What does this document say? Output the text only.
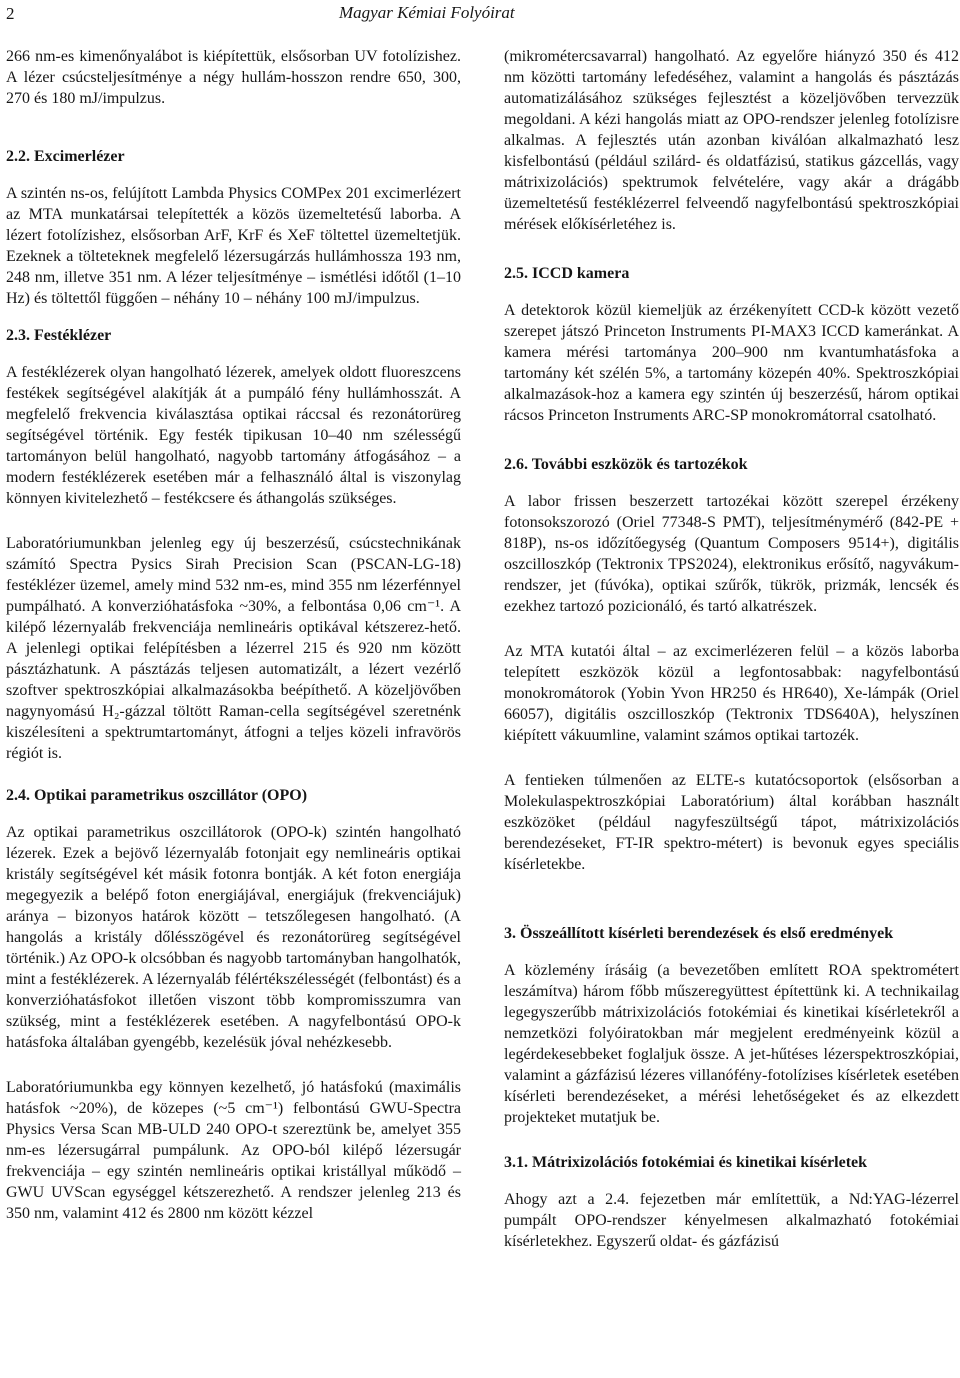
2	Magyar Kémiai Folyóirat

266 nm-es kimenőnyalábot is kiépítettük, elsősorban UV fotolízishez. A lézer csúcsteljesítménye a négy hullám-hosszon rendre 650, 300, 270 és 180 mJ/impulzus.

2.2. Excimerlézer

A szintén ns-os, felújított Lambda Physics COMPex 201 excimerlézert az MTA munkatársai telepítették a közös üzemeltetésű laborba. A lézert fotolízishez, elsősorban ArF, KrF és XeF töltettel üzemeltetjük. Ezeknek a tölteteknek megfelelő lézersugárzás hullámhossza 193 nm, 248 nm, illetve 351 nm. A lézer teljesítménye – ismétlési időtől (1–10 Hz) és töltettől függően – néhány 10 – néhány 100 mJ/impulzus.

2.3. Festéklézer

A festéklézerek olyan hangolható lézerek, amelyek oldott fluoreszcens festékek segítségével alakítják át a pumpáló fény hullámhosszát. A megfelelő frekvencia kiválasztása optikai ráccsal és rezonátorüreg segítségével történik. Egy festék tipikusan 10–40 nm szélességű tartományon belül hangolható, nagyobb tartomány átfogásához – a modern festéklézerek esetében már a felhasználó által is viszonylag könnyen kivitelezhető – festékcsere és áthangolás szükséges.

Laboratóriumunkban jelenleg egy új beszerzésű, csúcstechnikának számító Spectra Pysics Sirah Precision Scan (PSCAN-LG-18) festéklézer üzemel, amely mind 532 nm-es, mind 355 nm lézerfénnyel pumpálható. A konverzióhatásfoka ~30%, a felbontása 0,06 cm⁻¹. A kilépő lézernyaláb frekvenciája nemlineáris optikával kétszerez-hető. A jelenlegi optikai felépítésben a lézerrel 215 és 920 nm között pásztázhatunk. A pásztázás teljesen automatizált, a lézert vezérlő szoftver spektroszkópiai alkalmazásokba beépíthető. A közeljövőben nagynyomású H₂-gázzal töltött Raman-cella segítségével szeretnénk kiszélesíteni a spektrumtartományt, átfogni a teljes közeli infravörös régiót is.

2.4. Optikai parametrikus oszcillátor (OPO)

Az optikai parametrikus oszcillátorok (OPO-k) szintén hangolható lézerek. Ezek a bejövő lézernyaláb fotonjait egy nemlineáris optikai kristály segítségével két másik fotonra bontják. A két foton energiája megegyezik a belépő foton energiájával, energiájuk (frekvenciájuk) aránya – bizonyos határok között – tetszőlegesen hangolható. (A hangolás a kristály dőlésszögével és rezonátorüreg segítségével történik.) Az OPO-k olcsóbban és nagyobb tartományban hangolhatók, mint a festéklézerek. A lézernyaláb félértékszélességét (felbontást) és a konverzióhatásfokot illetően viszont több kompromisszumra van szükség, mint a festéklézerek esetében. A nagyfelbontású OPO-k hatásfoka általában gyengébb, kezelésük jóval nehézkesebb.

Laboratóriumunkba egy könnyen kezelhető, jó hatásfokú (maximális hatásfok ~20%), de közepes (~5 cm⁻¹) felbontású GWU-Spectra Physics Versa Scan MB-ULD 240 OPO-t szereztünk be, amelyet 355 nm-es lézersugárral pumpálunk. Az OPO-ból kilépő lézersugár frekvenciája – egy szintén nemlineáris optikai kristállyal működő – GWU UVScan egységgel kétszerezhető. A rendszer jelenleg 213 és 350 nm, valamint 412 és 2800 nm között kézzel

(mikrométercsavarral) hangolható. Az egyelőre hiányzó 350 és 412 nm közötti tartomány lefedéséhez, valamint a hangolás és pásztázás automatizálásához szükséges fejlesztést a közeljövőben tervezzük megoldani. A kézi hangolás miatt az OPO-rendszer jelenleg fotolízisre alkalmas. A fejlesztés után azonban kiválóan alkalmazható lesz kisfelbontású (például szilárd- és oldatfázisú, statikus gázcellás, vagy mátrixizolációs) spektrumok felvételére, vagy akár a drágább üzemeltetésű festéklézerrel felveendő nagyfelbontású spektroszkópiai mérések előkísérletéhez is.

2.5. ICCD kamera

A detektorok közül kiemeljük az érzékenyített CCD-k között vezető szerepet játszó Princeton Instruments PI-MAX3 ICCD kameránkat. A kamera mérési tartománya 200–900 nm kvantumhatásfoka a tartomány két szélén 5%, a tartomány közepén 40%. Spektroszkópiai alkalmazások-hoz a kamera egy szintén új beszerzésű, három optikai rácsos Princeton Instruments ARC-SP monokromátorral csatolható.

2.6. További eszközök és tartozékok

A labor frissen beszerzett tartozékai között szerepel érzékeny fotonsokszorozó (Oriel 77348-S PMT), teljesítménymérő (842-PE + 818P), ns-os időzítőegység (Quantum Composers 9514+), digitális oszcilloszkóp (Tektronix TPS2024), elektronikus erősítő, nagyvákum-rendszer, jet (fúvóka), optikai szűrők, tükrök, prizmák, lencsék és ezekhez tartozó pozicionáló, és tartó alkatrészek.

Az MTA kutatói által – az excimerlézeren felül – a közös laborba telepített eszközök közül a legfontosabbak: nagyfelbontású monokromátorok (Yobin Yvon HR250 és HR640), Xe-lámpák (Oriel 66057), digitális oszcilloszkóp (Tektronix TDS640A), helyszínen kiépített vákuumline, valamint számos optikai tartozék.

A fentieken túlmenően az ELTE-s kutatócsoportok (elsősorban a Molekulaspektroszkópiai Laboratórium) által korábban használt eszközöket (például nagyfeszültségű tápot, mátrixizolációs berendezéseket, FT-IR spektro-métert) is bevonuk egyes speciális kísérletekbe.

3. Összeállított kísérleti berendezések és első eredmények

A közlemény írásáig (a bevezetőben említett ROA spektrométert leszámítva) három főbb műszeregyüttest építettünk ki. A technikailag legegyszerűbb mátrixizolációs fotokémiai és kinetikai kísérletekről a nemzetközi folyóiratokban már megjelent eredményeink közül a legérdekesebbeket foglaljuk össze. A jet-hűtéses lézerspektroszkópiai, valamint a gázfázisú lézeres villanófény-fotolízises kísérletek esetében kísérleti berendezéseket, a mérési lehetőségeket és az elkezdett projekteket mutatjuk be.

3.1. Mátrixizolációs fotokémiai és kinetikai kísérletek

Ahogy azt a 2.4. fejezetben már említettük, a Nd:YAG-lézerrel pumpált OPO-rendszer kényelmesen alkalmazható fotokémiai kísérletekhez. Egyszerű oldat- és gázfázisú
